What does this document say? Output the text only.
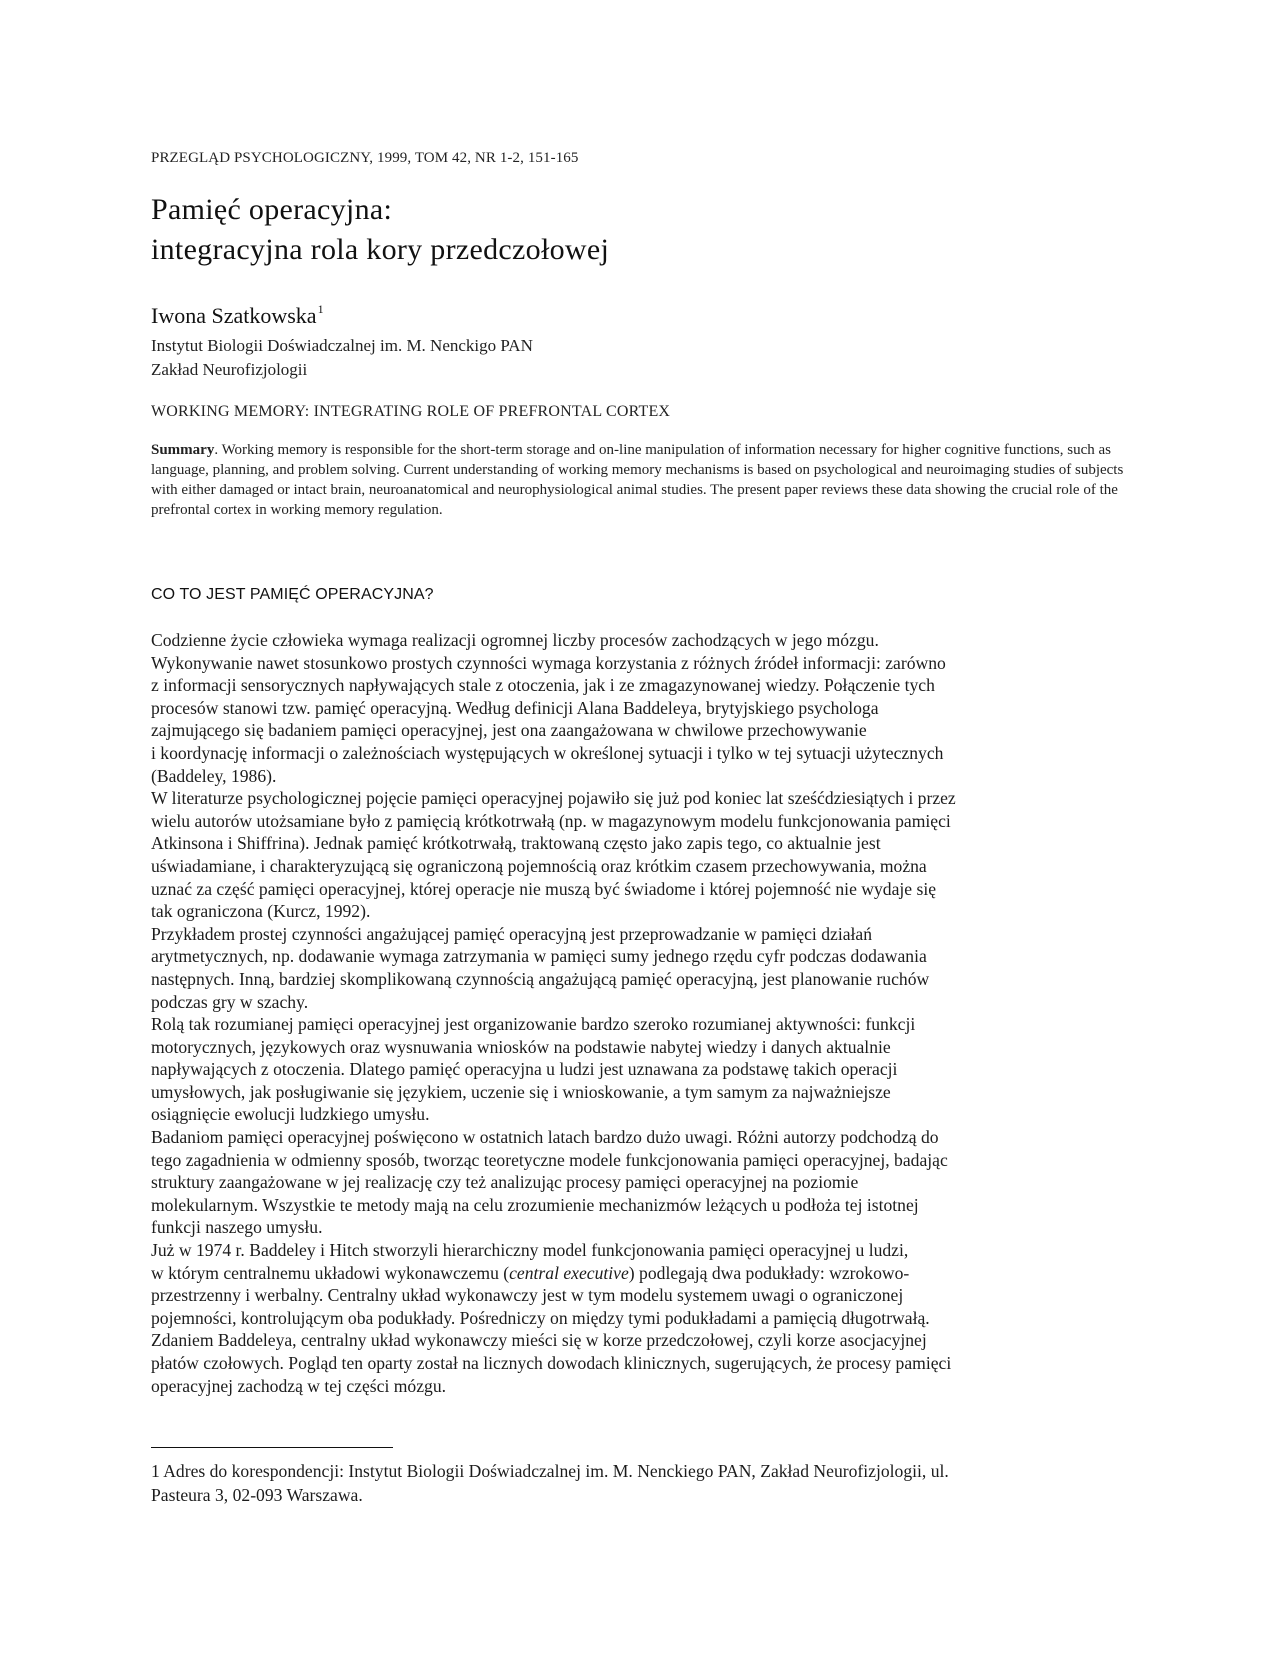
PRZEGLĄD PSYCHOLOGICZNY, 1999, TOM 42, NR 1-2, 151-165
Pamięć operacyjna:
integracyjna rola kory przedczołowej
Iwona Szatkowska$^1$
Instytut Biologii Doświadczalnej im. M. Nenckigo PAN
Zakład Neurofizjologii
WORKING MEMORY: INTEGRATING ROLE OF PREFRONTAL CORTEX
Summary. Working memory is responsible for the short-term storage and on-line manipulation of information necessary for higher cognitive functions, such as language, planning, and problem solving. Current understanding of working memory mechanisms is based on psychological and neuroimaging studies of subjects with either damaged or intact brain, neuroanatomical and neurophysiological animal studies. The present paper reviews these data showing the crucial role of the prefrontal cortex in working memory regulation.
CO TO JEST PAMIĘĆ OPERACYJNA?
Codzienne życie człowieka wymaga realizacji ogromnej liczby procesów zachodzących w jego mózgu.
Wykonywanie nawet stosunkowo prostych czynności wymaga korzystania z różnych źródeł informacji: zarówno
z informacji sensorycznych napływających stale z otoczenia, jak i ze zmagazynowanej wiedzy. Połączenie tych
procesów stanowi tzw. pamięć operacyjną. Według definicji Alana Baddeleya, brytyjskiego psychologa
zajmującego się badaniem pamięci operacyjnej, jest ona zaangażowana w chwilowe przechowywanie
i koordynację informacji o zależnościach występujących w określonej sytuacji i tylko w tej sytuacji użytecznych
(Baddeley, 1986).
W literaturze psychologicznej pojęcie pamięci operacyjnej pojawiło się już pod koniec lat sześćdziesiątych i przez
wielu autorów utożsamiane było z pamięcią krótkotrwałą (np. w magazynowym modelu funkcjonowania pamięci
Atkinsona i Shiffrina). Jednak pamięć krótkotrwałą, traktowaną często jako zapis tego, co aktualnie jest
uświadamiane, i charakteryzującą się ograniczoną pojemnością oraz krótkim czasem przechowywania, można
uznać za część pamięci operacyjnej, której operacje nie muszą być świadome i której pojemność nie wydaje się
tak ograniczona (Kurcz, 1992).
Przykładem prostej czynności angażującej pamięć operacyjną jest przeprowadzanie w pamięci działań
arytmetycznych, np. dodawanie wymaga zatrzymania w pamięci sumy jednego rzędu cyfr podczas dodawania
następnych. Inną, bardziej skomplikowaną czynnością angażującą pamięć operacyjną, jest planowanie ruchów
podczas gry w szachy.
Rolą tak rozumianej pamięci operacyjnej jest organizowanie bardzo szeroko rozumianej aktywności: funkcji
motorycznych, językowych oraz wysnuwania wniosków na podstawie nabytej wiedzy i danych aktualnie
napływających z otoczenia. Dlatego pamięć operacyjna u ludzi jest uznawana za podstawę takich operacji
umysłowych, jak posługiwanie się językiem, uczenie się i wnioskowanie, a tym samym za najważniejsze
osiągnięcie ewolucji ludzkiego umysłu.
Badaniom pamięci operacyjnej poświęcono w ostatnich latach bardzo dużo uwagi. Różni autorzy podchodzą do
tego zagadnienia w odmienny sposób, tworząc teoretyczne modele funkcjonowania pamięci operacyjnej, badając
struktury zaangażowane w jej realizację czy też analizując procesy pamięci operacyjnej na poziomie
molekularnym. Wszystkie te metody mają na celu zrozumienie mechanizmów leżących u podłoża tej istotnej
funkcji naszego umysłu.
Już w 1974 r. Baddeley i Hitch stworzyli hierarchiczny model funkcjonowania pamięci operacyjnej u ludzi,
w którym centralnemu układowi wykonawczemu (central executive) podlegają dwa podukłady: wzrokowo-
przestrzenny i werbalny. Centralny układ wykonawczy jest w tym modelu systemem uwagi o ograniczonej
pojemności, kontrolującym oba podukłady. Pośredniczy on między tymi podukładami a pamięcią długotrwałą.
Zdaniem Baddeleya, centralny układ wykonawczy mieści się w korze przedczołowej, czyli korze asocjacyjnej
płatów czołowych. Pogląd ten oparty został na licznych dowodach klinicznych, sugerujących, że procesy pamięci
operacyjnej zachodzą w tej części mózgu.
1 Adres do korespondencji: Instytut Biologii Doświadczalnej im. M. Nenckiego PAN, Zakład Neurofizjologii, ul.
Pasteura 3, 02-093 Warszawa.
